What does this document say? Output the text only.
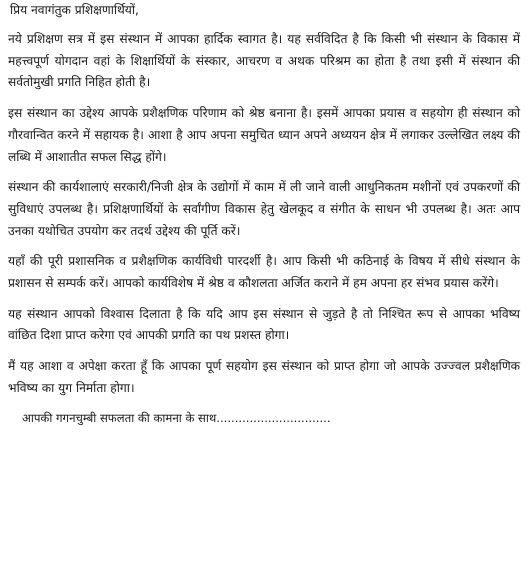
प्रिय नवागंतुक प्रशिक्षणार्थियों,

नये प्रशिक्षण सत्र में इस संस्थान में आपका हार्दिक स्वागत है। यह सर्वविदित है कि किसी भी संस्थान के विकास में महत्त्वपूर्ण योगदान वहां के शिक्षार्थियों के संस्कार, आचरण व अथक परिश्रम का होता है तथा इसी में संस्थान की सर्वतोमुखी प्रगति निहित होती है।

इस संस्थान का उद्देश्य आपके प्रशैक्षणिक परिणाम को श्रेष्ठ बनाना है। इसमें आपका प्रयास व सहयोग ही संस्थान को गौरवान्वित करने में सहायक है। आशा है आप अपना समुचित ध्यान अपने अध्ययन क्षेत्र में लगाकर उल्लेखित लक्ष्य की लब्धि में आशातीत सफल सिद्ध होंगे।

संस्थान की कार्यशालाएं सरकारी/निजी क्षेत्र के उद्योगों में काम में ली जाने वाली आधुनिकतम मशीनों एवं उपकरणों की सुविधाएं उपलब्ध है। प्रशिक्षणार्थियों के सर्वांगीण विकास हेतु खेलकूद व संगीत के साधन भी उपलब्ध है। अतः आप उनका यथोचित उपयोग कर तदर्थ उद्देश्य की पूर्ति करें।

यहाँ की पूरी प्रशासनिक व प्रशैक्षणिक कार्यविधी पारदर्शी है। आप किसी भी कठिनाई के विषय में सीधे संस्थान के प्रशासन से सम्पर्क करें। आपको कार्यविशेष में श्रेष्ठ व कौशलता अर्जित कराने में हम अपना हर संभव प्रयास करेंगे।

यह संस्थान आपको विश्वास दिलाता है कि यदि आप इस संस्थान से जुड़ते है तो निश्चित रूप से आपका भविष्य वांछित दिशा प्राप्त करेगा एवं आपकी प्रगति का पथ प्रशस्त होगा।

मैं यह आशा व अपेक्षा करता हूँ कि आपका पूर्ण सहयोग इस संस्थान को प्राप्त होगा जो आपके उज्ज्वल प्रशैक्षणिक भविष्य का युग निर्माता होगा।

आपकी गगनचुम्बी सफलता की कामना के साथ...............................
